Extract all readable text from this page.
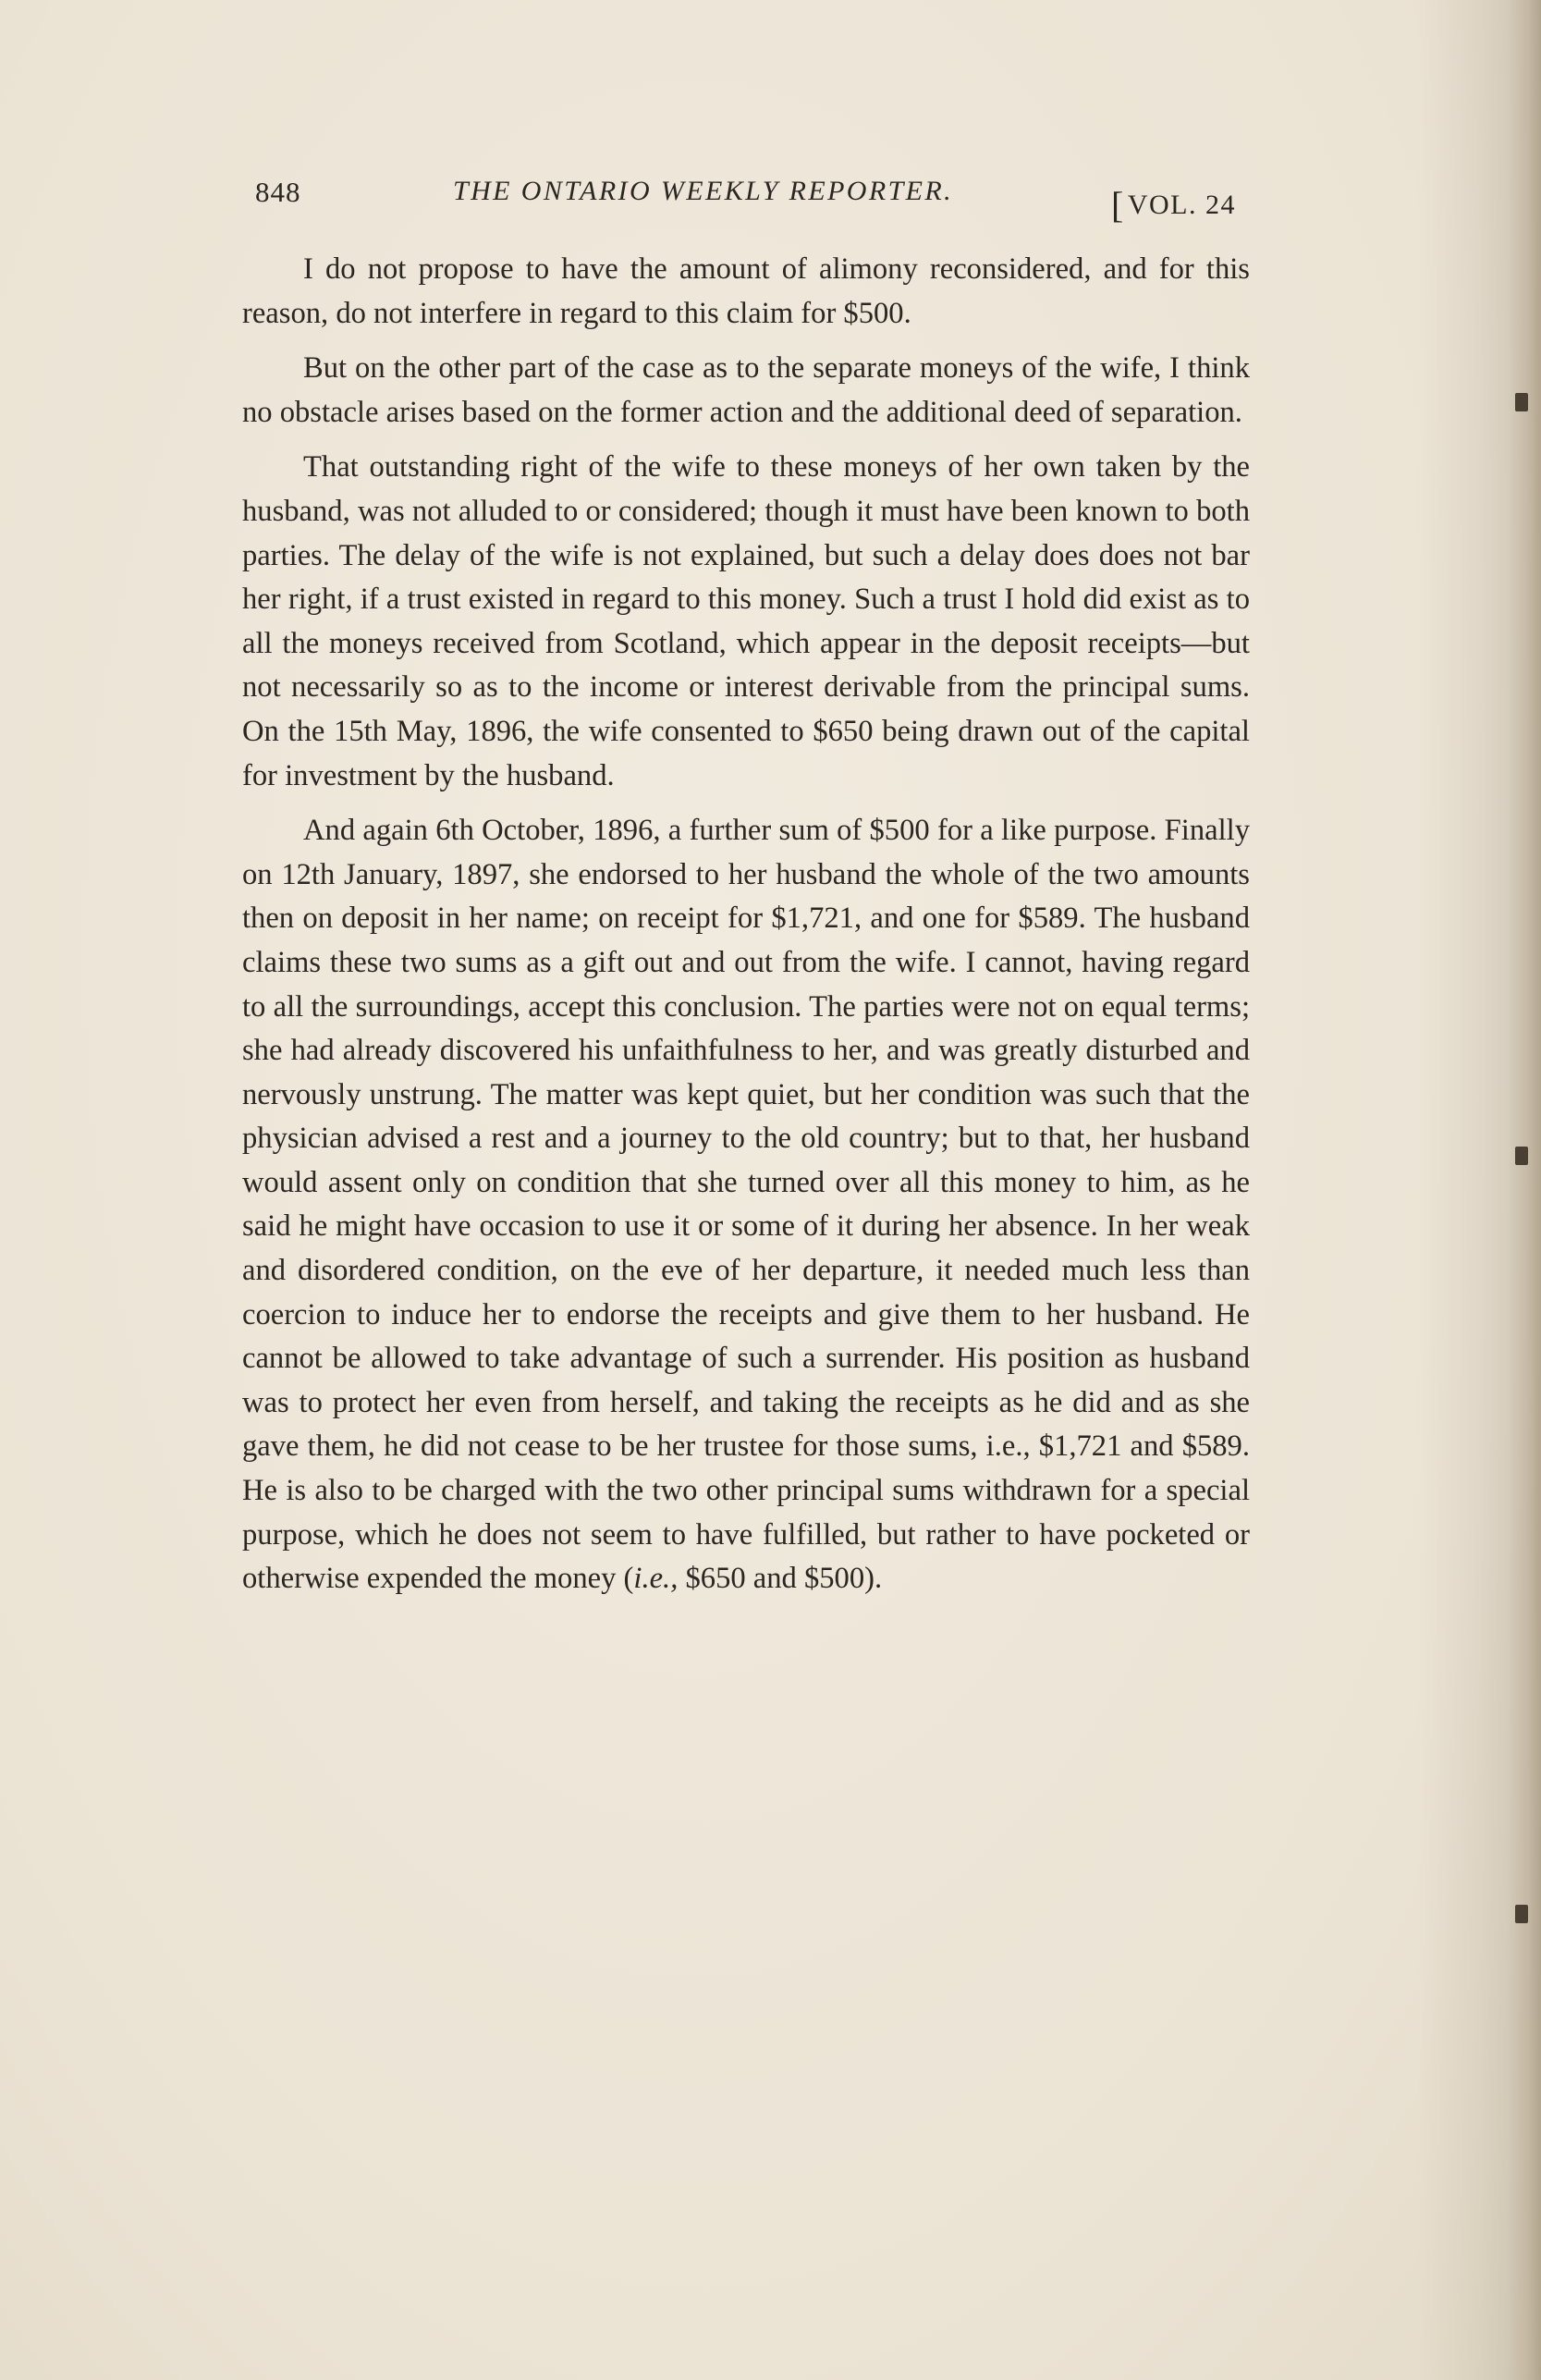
848	THE ONTARIO WEEKLY REPORTER.	[ VOL. 24

I do not propose to have the amount of alimony reconsidered, and for this reason, do not interfere in regard to this claim for $500.

But on the other part of the case as to the separate moneys of the wife, I think no obstacle arises based on the former action and the additional deed of separation.

That outstanding right of the wife to these moneys of her own taken by the husband, was not alluded to or considered; though it must have been known to both parties. The delay of the wife is not explained, but such a delay does does not bar her right, if a trust existed in regard to this money. Such a trust I hold did exist as to all the moneys received from Scotland, which appear in the deposit receipts—but not necessarily so as to the income or interest derivable from the principal sums. On the 15th May, 1896, the wife consented to $650 being drawn out of the capital for investment by the husband.

And again 6th October, 1896, a further sum of $500 for a like purpose. Finally on 12th January, 1897, she endorsed to her husband the whole of the two amounts then on deposit in her name; on receipt for $1,721, and one for $589. The husband claims these two sums as a gift out and out from the wife. I cannot, having regard to all the surroundings, accept this conclusion. The parties were not on equal terms; she had already discovered his unfaithfulness to her, and was greatly disturbed and nervously unstrung. The matter was kept quiet, but her condition was such that the physician advised a rest and a journey to the old country; but to that, her husband would assent only on condition that she turned over all this money to him, as he said he might have occasion to use it or some of it during her absence. In her weak and disordered condition, on the eve of her departure, it needed much less than coercion to induce her to endorse the receipts and give them to her husband. He cannot be allowed to take advantage of such a surrender. His position as husband was to protect her even from herself, and taking the receipts as he did and as she gave them, he did not cease to be her trustee for those sums, i.e., $1,721 and $589. He is also to be charged with the two other principal sums withdrawn for a special purpose, which he does not seem to have fulfilled, but rather to have pocketed or otherwise expended the money (i.e., $650 and $500).
